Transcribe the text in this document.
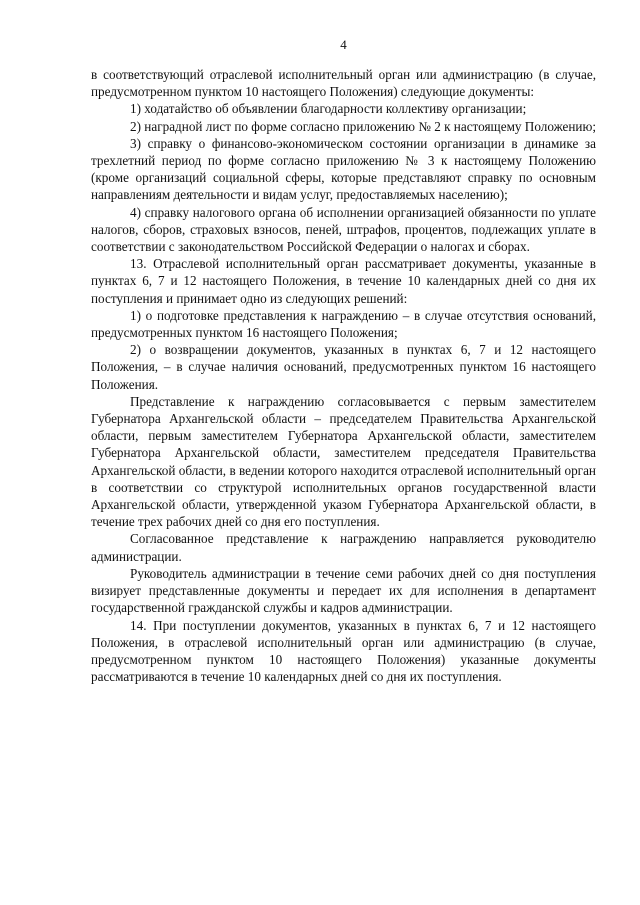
4

в соответствующий отраслевой исполнительный орган или администрацию (в случае, предусмотренном пунктом 10 настоящего Положения) следующие документы:

1) ходатайство об объявлении благодарности коллективу организации;

2) наградной лист по форме согласно приложению № 2 к настоящему Положению;

3) справку о финансово-экономическом состоянии организации в динамике за трехлетний период по форме согласно приложению № 3 к настоящему Положению (кроме организаций социальной сферы, которые представляют справку по основным направлениям деятельности и видам услуг, предоставляемых населению);

4) справку налогового органа об исполнении организацией обязанности по уплате налогов, сборов, страховых взносов, пеней, штрафов, процентов, подлежащих уплате в соответствии с законодательством Российской Федерации о налогах и сборах.

13. Отраслевой исполнительный орган рассматривает документы, указанные в пунктах 6, 7 и 12 настоящего Положения, в течение 10 календарных дней со дня их поступления и принимает одно из следующих решений:

1) о подготовке представления к награждению – в случае отсутствия оснований, предусмотренных пунктом 16 настоящего Положения;

2) о возвращении документов, указанных в пунктах 6, 7 и 12 настоящего Положения, – в случае наличия оснований, предусмотренных пунктом 16 настоящего Положения.

Представление к награждению согласовывается с первым заместителем Губернатора Архангельской области – председателем Правительства Архангельской области, первым заместителем Губернатора Архангельской области, заместителем Губернатора Архангельской области, заместителем председателя Правительства Архангельской области, в ведении которого находится отраслевой исполнительный орган в соответствии со структурой исполнительных органов государственной власти Архангельской области, утвержденной указом Губернатора Архангельской области, в течение трех рабочих дней со дня его поступления.

Согласованное представление к награждению направляется руководителю администрации.

Руководитель администрации в течение семи рабочих дней со дня поступления визирует представленные документы и передает их для исполнения в департамент государственной гражданской службы и кадров администрации.

14. При поступлении документов, указанных в пунктах 6, 7 и 12 настоящего Положения, в отраслевой исполнительный орган или администрацию (в случае, предусмотренном пунктом 10 настоящего Положения) указанные документы рассматриваются в течение 10 календарных дней со дня их поступления.
